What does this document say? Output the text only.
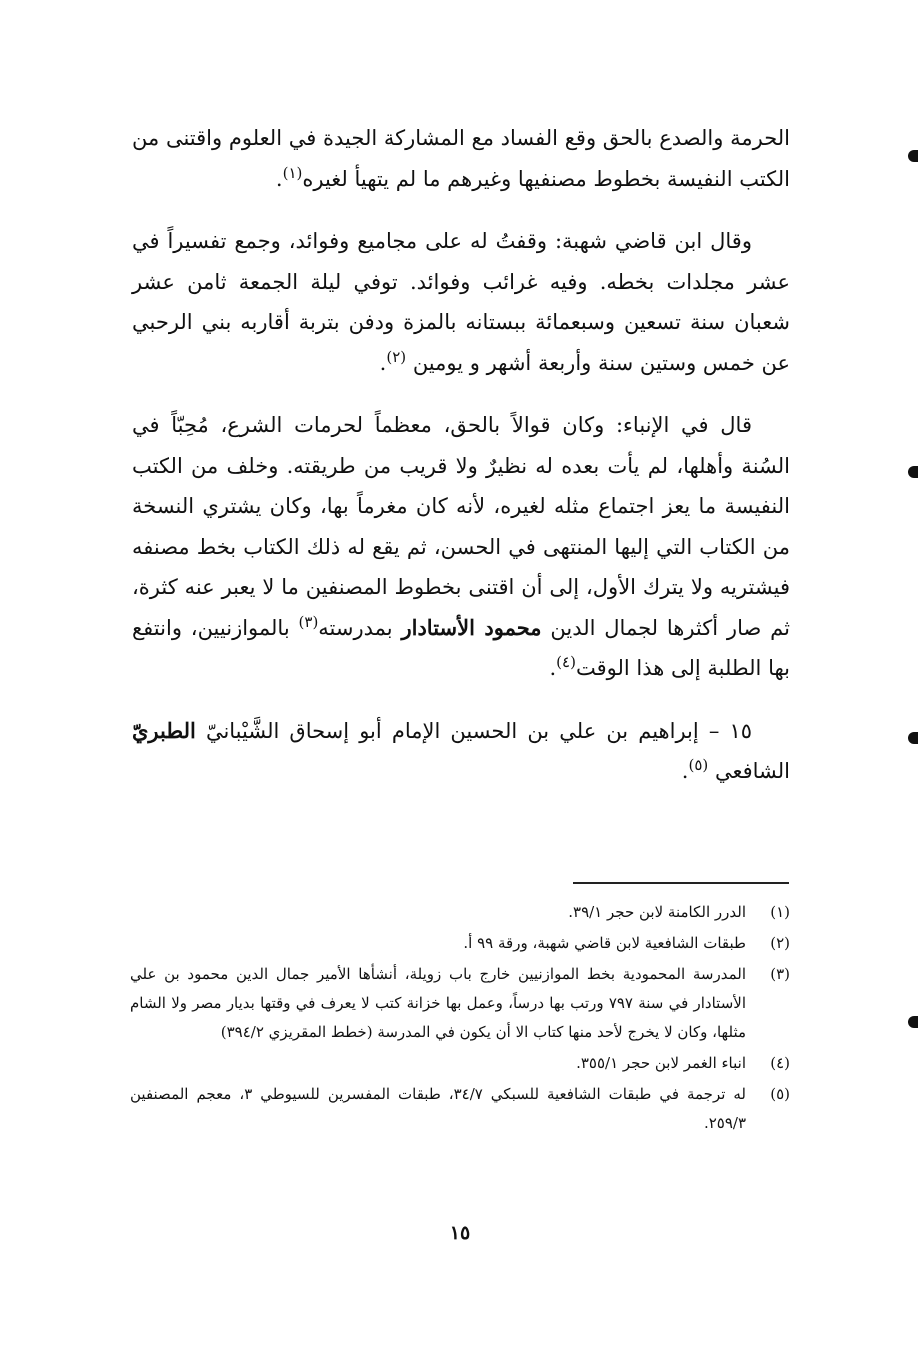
الحرمة والصدع بالحق وقع الفساد مع المشاركة الجيدة في العلوم واقتنى من الكتب النفيسة بخطوط مصنفيها وغيرهم ما لم يتهيأ لغيره$^{(١)}$.

وقال ابن قاضي شهبة: وقفتُ له على مجاميع وفوائد، وجمع تفسيراً في عشر مجلدات بخطه. وفيه غرائب وفوائد. توفي ليلة الجمعة ثامن عشر شعبان سنة تسعين وسبعمائة ببستانه بالمزة ودفن بتربة أقاربه بني الرحبي عن خمس وستين سنة وأربعة أشهر و يومين $^{(٢)}$.

قال في الإنباء: وكان قوالاً بالحق، معظماً لحرمات الشرع، مُحِبّاً في السُنة وأهلها، لم يأت بعده له نظيرٌ ولا قريب من طريقته. وخلف من الكتب النفيسة ما يعز اجتماع مثله لغيره، لأنه كان مغرماً بها، وكان يشتري النسخة من الكتاب التي إليها المنتهى في الحسن، ثم يقع له ذلك الكتاب بخط مصنفه فيشتريه ولا يترك الأول، إلى أن اقتنى بخطوط المصنفين ما لا يعبر عنه كثرة، ثم صار أكثرها لجمال الدين محمود الأستادار بمدرسته$^{(٣)}$ بالموازنيين، وانتفع بها الطلبة إلى هذا الوقت$^{(٤)}$.

١٥ – إبراهيم بن علي بن الحسين الإمام أبو إسحاق الشَّيْبانيّ الطبريّ الشافعي $^{(٥)}$.

(١)
الدرر الكامنة لابن حجر ٣٩/١.
(٢)
طبقات الشافعية لابن قاضي شهبة، ورقة ٩٩ أ.
(٣)
المدرسة المحمودية بخط الموازنيين خارج باب زويلة، أنشأها الأمير جمال الدين محمود بن علي الأستادار في سنة ٧٩٧ ورتب بها درساً، وعمل بها خزانة كتب لا يعرف في وقتها بديار مصر ولا الشام مثلها، وكان لا يخرج لأحد منها كتاب الا أن يكون في المدرسة (خطط المقريزي ٣٩٤/٢)
(٤)
انباء الغمر لابن حجر ٣٥٥/١.
(٥)
له ترجمة في طبقات الشافعية للسبكي ٣٤/٧، طبقات المفسرين للسيوطي ٣، معجم المصنفين ٢٥٩/٣.
١٥
